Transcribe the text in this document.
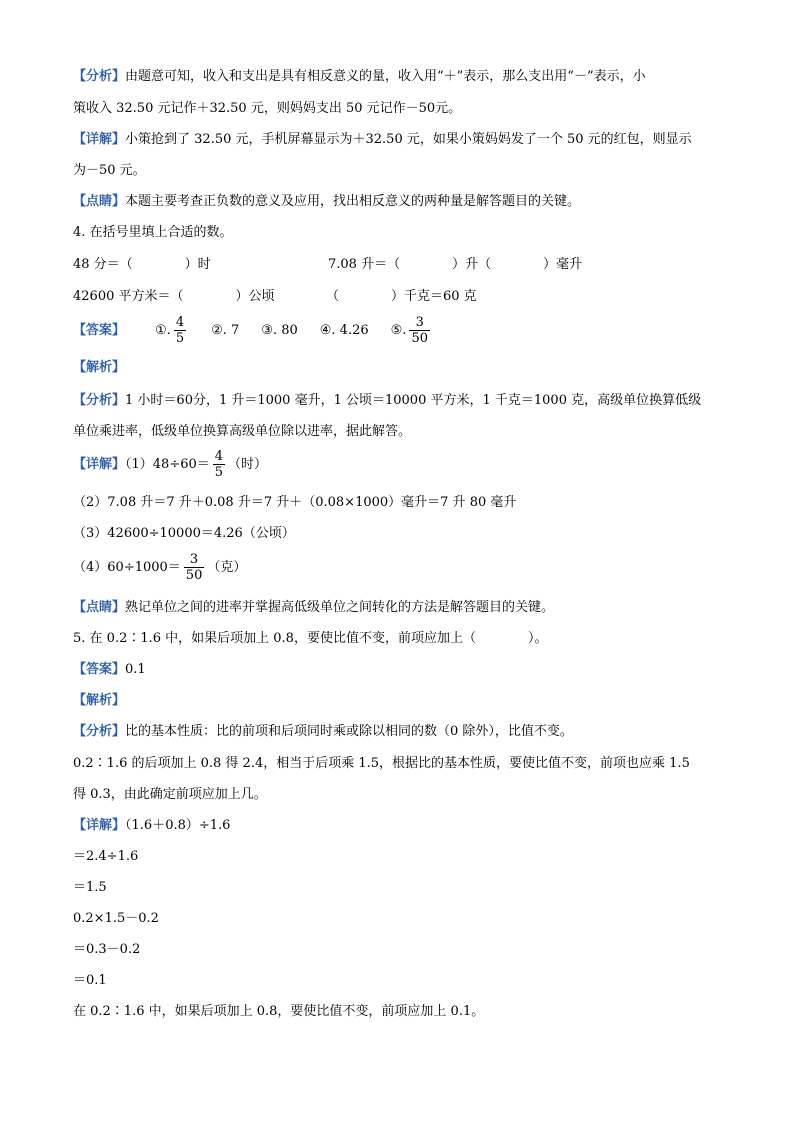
【分析】由题意可知，收入和支出是具有相反意义的量，收入用“＋”表示，那么支出用“－”表示，小
策收入 32.50 元记作＋32.50 元，则妈妈支出 50 元记作－50元。
【详解】小策抢到了 32.50 元，手机屏幕显示为＋32.50 元，如果小策妈妈发了一个 50 元的红包，则显示
为－50 元。
【点睛】本题主要考查正负数的意义及应用，找出相反意义的两种量是解答题目的关键。
4. 在括号里填上合适的数。
48 分＝（　　　　）时	7.08 升＝（　　　　）升（　　　　）毫升
42600 平方米＝（　　　　）公顷	（　　　　）千克＝60 克
【答案】 ①. $\frac{4}{5}$ ②. 7 ③. 80 ④. 4.26 ⑤. $\frac{3}{50}$
【解析】
【分析】1 小时＝60分，1 升＝1000 毫升，1 公顷＝10000 平方米，1 千克＝1000 克，高级单位换算低级
单位乘进率，低级单位换算高级单位除以进率，据此解答。
【详解】$(1)48\div 60= \frac{4}{5}$ （时）
（2）7.08 升＝7 升＋0.08 升＝7 升＋（0.08×1000）毫升＝7 升 80 毫升
（3）42600÷10000＝4.26（公顷）
$(4)60\div 1000= \frac{3}{50}$ （克）
【点睛】熟记单位之间的进率并掌握高低级单位之间转化的方法是解答题目的关键。
5. 在 0.2∶1.6 中，如果后项加上 0.8，要使比值不变，前项应加上（　　　　）。
【答案】0.1
【解析】
【分析】比的基本性质：比的前项和后项同时乘或除以相同的数（0 除外），比值不变。
0.2∶1.6 的后项加上 0.8 得 2.4，相当于后项乘 1.5，根据比的基本性质，要使比值不变，前项也应乘 1.5
得 0.3，由此确定前项应加上几。
【详解】（1.6＋0.8）÷1.6
＝2.4÷1.6
＝1.5
0.2×1.5－0.2
＝0.3－0.2
＝0.1
在 0.2∶1.6 中，如果后项加上 0.8，要使比值不变，前项应加上 0.1。
